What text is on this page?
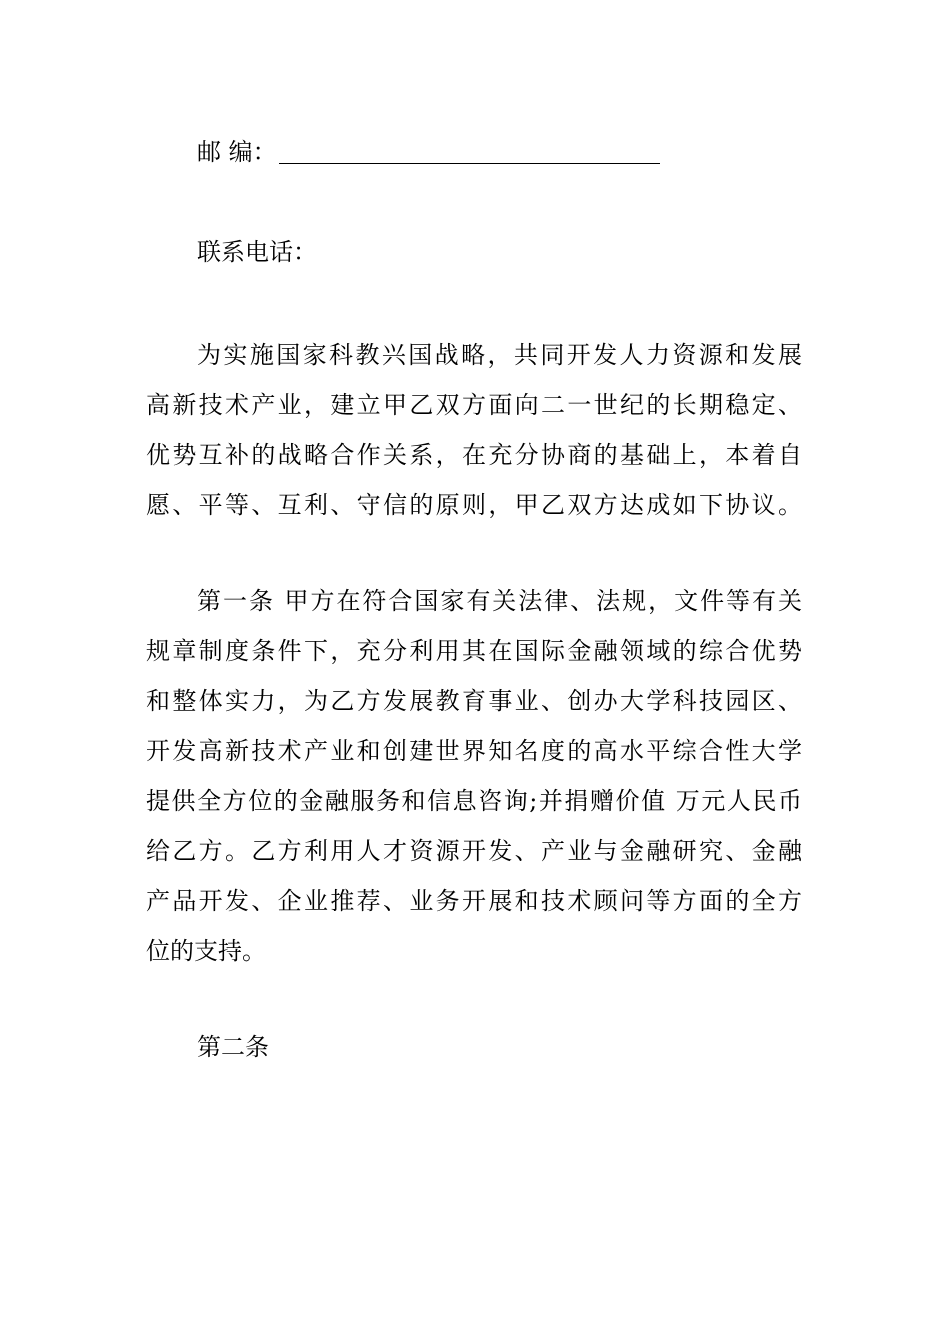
邮 编：
联系电话：
为实施国家科教兴国战略，共同开发人力资源和发展
高新技术产业，建立甲乙双方面向二一世纪的长期稳定、
优势互补的战略合作关系，在充分协商的基础上，本着自
愿、平等、互利、守信的原则，甲乙双方达成如下协议。
第一条 甲方在符合国家有关法律、法规，文件等有关
规章制度条件下，充分利用其在国际金融领域的综合优势
和整体实力，为乙方发展教育事业、创办大学科技园区、
开发高新技术产业和创建世界知名度的高水平综合性大学
提供全方位的金融服务和信息咨询;并捐赠价值 万元人民币
给乙方。乙方利用人才资源开发、产业与金融研究、金融
产品开发、企业推荐、业务开展和技术顾问等方面的全方
位的支持。
第二条
